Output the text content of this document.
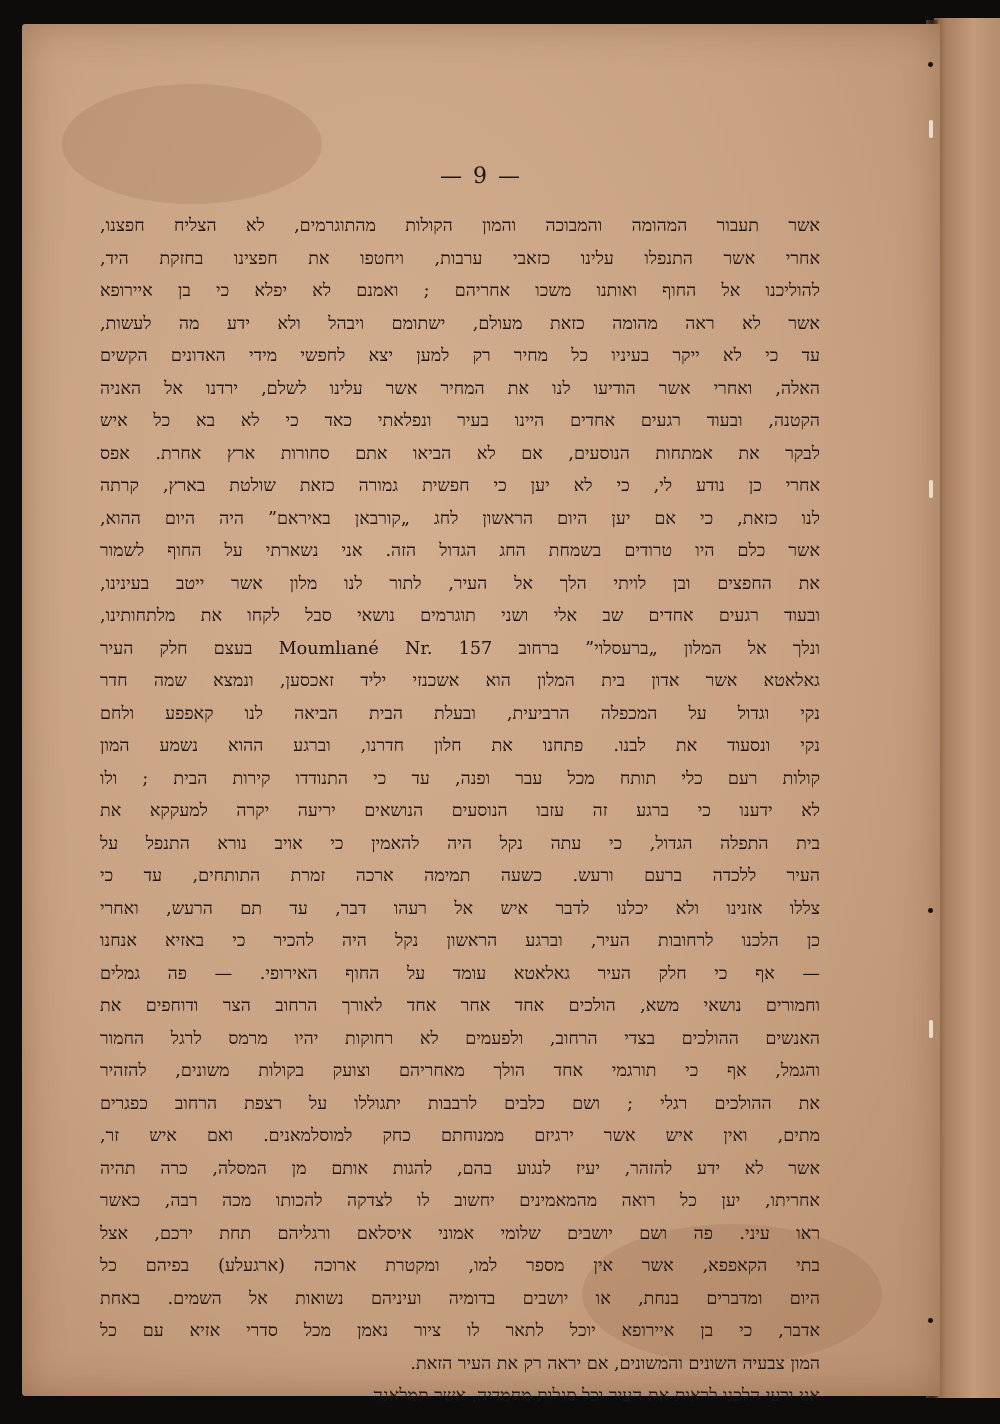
— 9 —
אשר תעבור המהומה והמבוכה והמון הקולות מהתוגרמים, לא הצליח חפצנו,
אחרי אשר התנפלו עלינו כזאבי ערבות, ויחטפו את חפצינו בחזקת היד,
להוליכנו אל החוף ואותנו משכו אחריהם ; ואמנם לא יפלא כי בן איירופא
אשר לא ראה מהומה כזאת מעולם, ישתומם ויבהל ולא ידע מה לעשות,
עד כי לא ייקר בעיניו כל מחיר רק למען יצא לחפשי מידי האדונים הקשים
האלה, ואחרי אשר הודיעו לנו את המחיר אשר עלינו לשלם, ירדנו אל האניה
הקטנה, ובעוד רגעים אחדים היינו בעיר ונפלאתי כאד כי לא בא כל איש
לבקר את אמתחות הנוסעים, אם לא הביאו אתם סחורות ארץ אחרת. אפס
אחרי כן נודע לי, כי לא יען כי חפשית גמורה כזאת שולטת בארץ, קרתה
לנו כזאת, כי אם יען היום הראשון לחג „קורבאן באיראם” היה היום ההוא,
אשר כלם היו טרודים בשמחת החג הגדול הזה. אני נשארתי על החוף לשמור
את החפצים ובן לויתי הלך אל העיר, לתור לנו מלון אשר ייטב בעינינו,
ובעוד רגעים אחדים שב אלי ושני תוגרמים נושאי סבל לקחו את מלתחותינו,
ונלך אל המלון „ברעסלוי” ברחוב Moumlıané Nr. 157 בעצם חלק העיר
גאלאטא אשר אדון בית המלון הוא אשכנזי יליד זאכסען, ונמצא שמה חדר
נקי וגדול על המכפלה הרביעית, ובעלת הבית הביאה לנו קאפפע ולחם
נקי ונסעוד את לבנו. פתחנו את חלון חדרנו, וברגע ההוא נשמע המון
קולות רעם כלי תותח מכל עבר ופנה, עד כי התנודדו קירות הבית ; ולו
לא ידענו כי ברגע זה עזבו הנוסעים הנושאים יריעה יקרה למעקקא את
בית התפלה הגדול, כי עתה נקל היה להאמין כי אויב נורא התנפל על
העיר ללכדה ברעם ורעש. כשעה תמימה ארכה זמרת התותחים, עד כי
צללו אזנינו ולא יכלנו לדבר איש אל רעהו דבר, עד תם הרעש, ואחרי
כן הלכנו לרחובות העיר, וברגע הראשון נקל היה להכיר כי באזיא אנחנו
— אף כי חלק העיר גאלאטא עומד על החוף האירופי. — פה גמלים
וחמורים נושאי משא, הולכים אחד אחר אחד לאורך הרחוב הצר ודוחפים את
האנשים ההולכים בצדי הרחוב, ולפעמים לא רחוקות יהיו מרמס לרגל החמור
והגמל, אף כי תורגמי אחד הולך מאחריהם וצועק בקולות משונים, להזהיר
את ההולכים רגלי ; ושם כלבים לרבבות יתגוללו על רצפת הרחוב כפגרים
מתים, ואין איש אשר ירגיזם ממנוחתם כחק למוסלמאנים. ואם איש זר,
אשר לא ידע להזהר, יעיז לנגוע בהם, להגות אותם מן המסלה, כרה תהיה
אחריתו, יען כל רואה מהמאמינים יחשוב לו לצדקה להכותו מכה רבה, כאשר
ראו עיני. פה ושם יושבים שלומי אמוני איסלאם ורגליהם תחת ירכם, אצל
בתי הקאפפא, אשר אין מספר למו, ומקטרת ארוכה (ארגעלע) בפיהם כל
היום ומדברים בנחת, או יושבים בדומיה ועיניהם נשואות אל השמים. באחת
אדבר, כי בן איירופא יוכל לתאר לו ציור נאמן מכל סדרי אזיא עם כל
המון צבעיה השונים והמשונים, אם יראה רק את העיר הזאת.
אני ורעי הלכנו לראות את העיר וכל סגלות מחמדיה, אשר תמלאנה
